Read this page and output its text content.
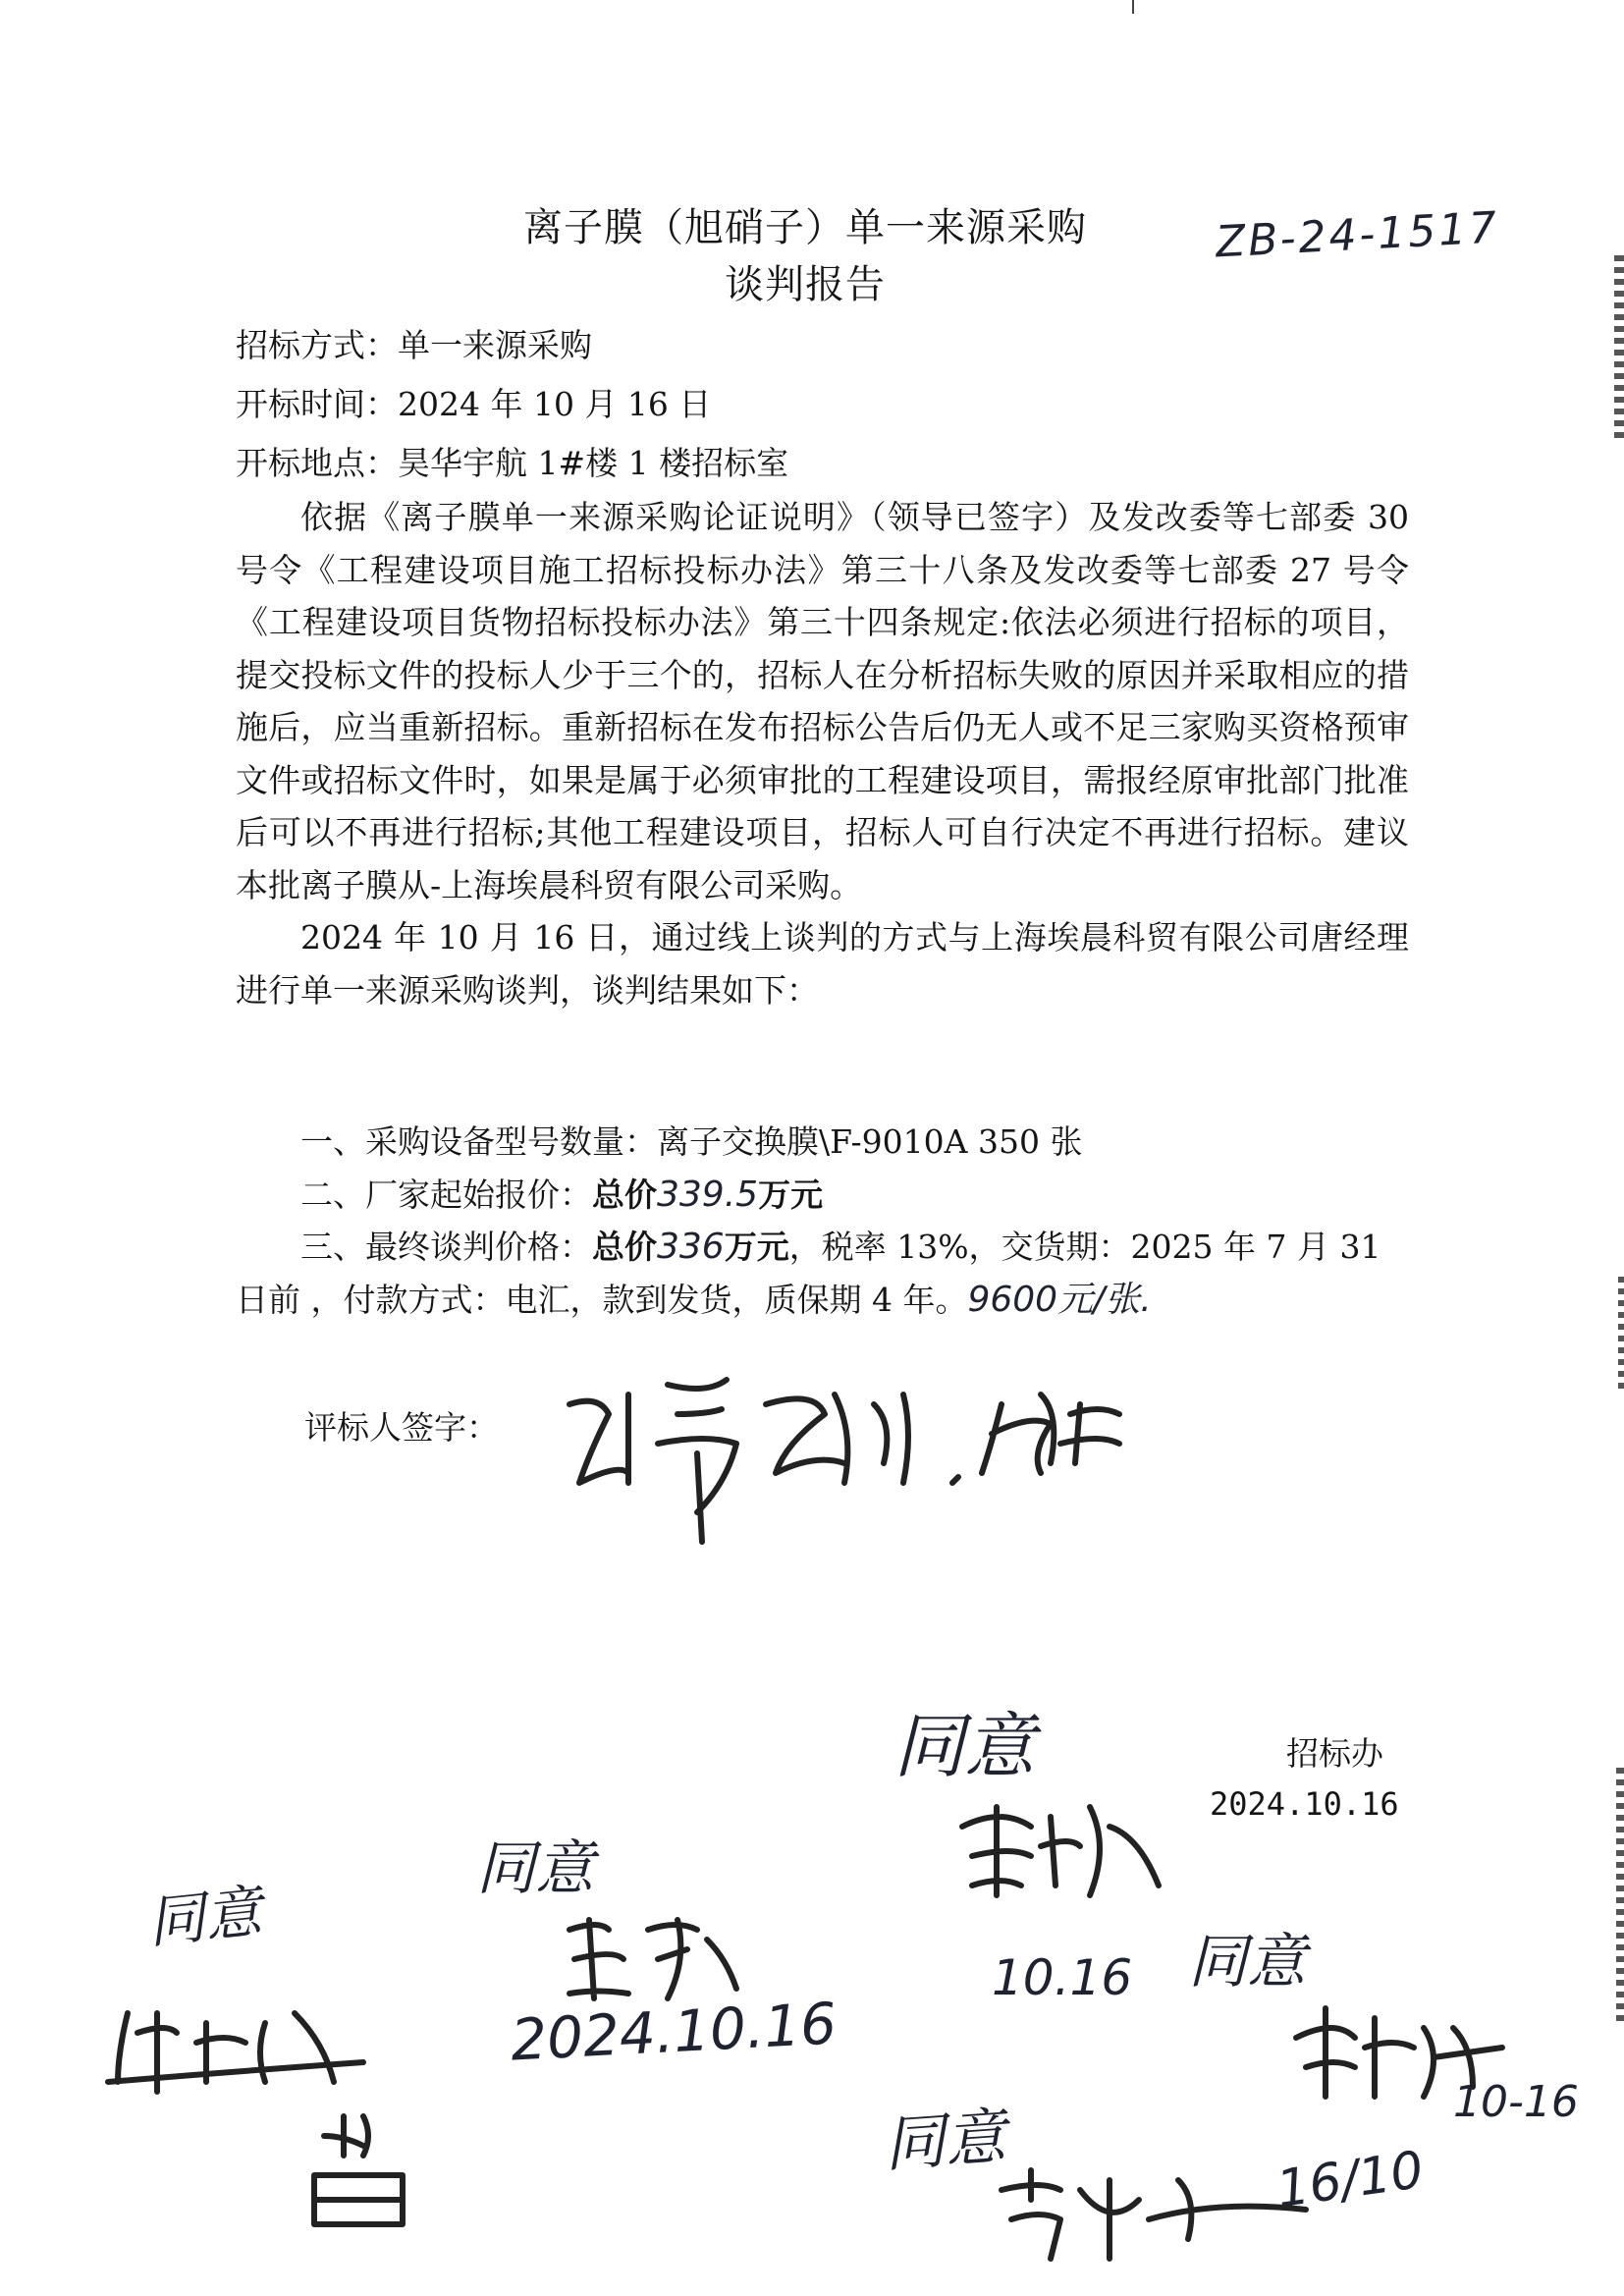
离子膜（旭硝子）单一来源采购
谈判报告
ZB-24-1517
招标方式：单一来源采购
开标时间：2024 年 10 月 16 日
开标地点：昊华宇航 1#楼 1 楼招标室

依据《离子膜单一来源采购论证说明》（领导已签字）及发改委等七部委 30 号令《工程建设项目施工招标投标办法》第三十八条及发改委等七部委 27 号令《工程建设项目货物招标投标办法》第三十四条规定:依法必须进行招标的项目，提交投标文件的投标人少于三个的，招标人在分析招标失败的原因并采取相应的措施后，应当重新招标。重新招标在发布招标公告后仍无人或不足三家购买资格预审文件或招标文件时，如果是属于必须审批的工程建设项目，需报经原审批部门批准后可以不再进行招标;其他工程建设项目，招标人可自行决定不再进行招标。建议本批离子膜从-上海埃晨科贸有限公司采购。

2024 年 10 月 16 日，通过线上谈判的方式与上海埃晨科贸有限公司唐经理进行单一来源采购谈判，谈判结果如下：

一、采购设备型号数量：离子交换膜\F-9010A 350 张

二、厂家起始报价：总价339.5万元

三、最终谈判价格：总价336万元，税率 13%，交货期：2025 年 7 月 31 日前 ，付款方式：电汇，款到发货，质保期 4 年。9600元/张.

评标人签字：
同意
同意
同意
同意
同意
2024.10.16
10.16
10-16
16/10
招标办
2024.10.16
